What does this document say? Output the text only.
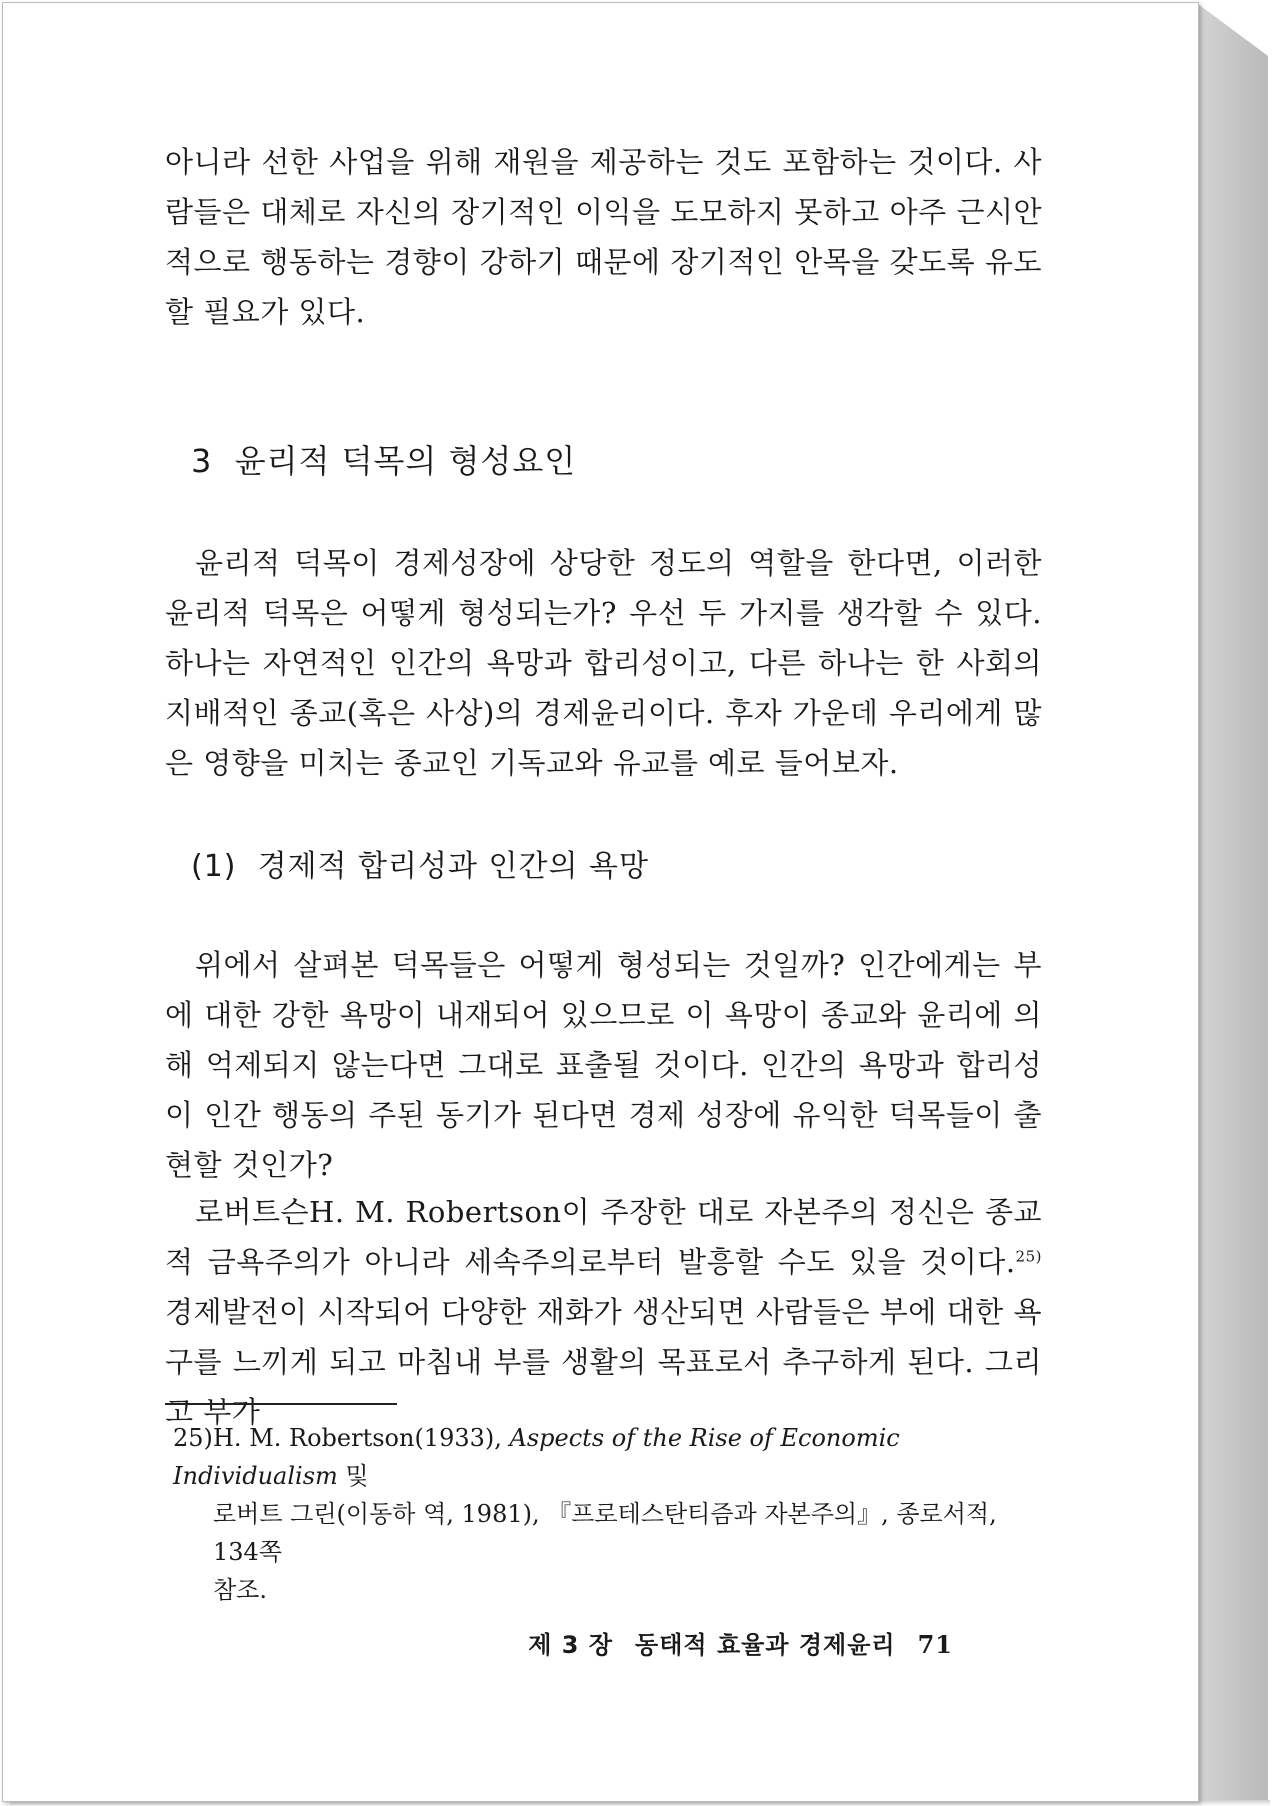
아니라 선한 사업을 위해 재원을 제공하는 것도 포함하는 것이다. 사람들은 대체로 자신의 장기적인 이익을 도모하지 못하고 아주 근시안적으로 행동하는 경향이 강하기 때문에 장기적인 안목을 갖도록 유도할 필요가 있다.

3  윤리적 덕목의 형성요인

윤리적 덕목이 경제성장에 상당한 정도의 역할을 한다면, 이러한 윤리적 덕목은 어떻게 형성되는가? 우선 두 가지를 생각할 수 있다. 하나는 자연적인 인간의 욕망과 합리성이고, 다른 하나는 한 사회의 지배적인 종교(혹은 사상)의 경제윤리이다. 후자 가운데 우리에게 많은 영향을 미치는 종교인 기독교와 유교를 예로 들어보자.

(1)  경제적 합리성과 인간의 욕망

위에서 살펴본 덕목들은 어떻게 형성되는 것일까? 인간에게는 부에 대한 강한 욕망이 내재되어 있으므로 이 욕망이 종교와 윤리에 의해 억제되지 않는다면 그대로 표출될 것이다. 인간의 욕망과 합리성이 인간 행동의 주된 동기가 된다면 경제 성장에 유익한 덕목들이 출현할 것인가?

로버트슨H. M. Robertson이 주장한 대로 자본주의 정신은 종교적 금욕주의가 아니라 세속주의로부터 발흥할 수도 있을 것이다.$^{25)}$ 경제발전이 시작되어 다양한 재화가 생산되면 사람들은 부에 대한 욕구를 느끼게 되고 마침내 부를 생활의 목표로서 추구하게 된다. 그리고 부가

25)H. M. Robertson(1933), Aspects of the Rise of Economic Individualism 및
로버트 그린(이동하 역, 1981), 『프로테스탄티즘과 자본주의』, 종로서적, 134쪽
참조.
제 3 장 동태적 효율과 경제윤리 71
